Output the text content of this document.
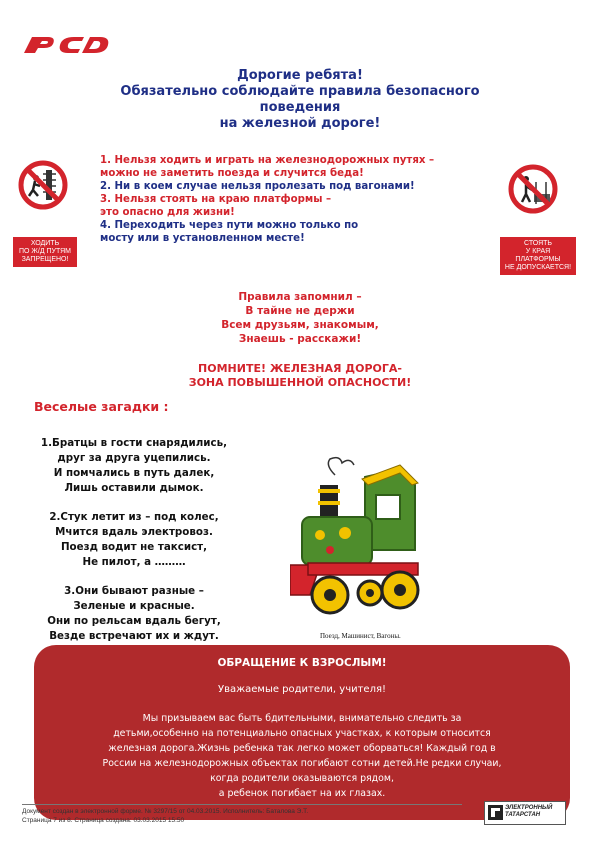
Дорогие ребята!
Обязательно соблюдайте правила безопасного
поведения
на железной дороге!
ХОДИТЬ
ПО Ж/Д ПУТЯМ
ЗАПРЕЩЕНО!
СТОЯТЬ
У КРАЯ
ПЛАТФОРМЫ
НЕ ДОПУСКАЕТСЯ!

1. Нельзя ходить и играть на железнодорожных путях –

можно не заметить поезда и случится беда!

2. Ни в коем случае нельзя пролезать под вагонами!

3. Нельзя стоять на краю платформы –

это опасно для жизни!

4. Переходить через пути можно только по

мосту или в установленном месте!

Правила запомнил –
В тайне не держи
Всем друзьям, знакомым,
Знаешь - расскажи!
ПОМНИТЕ! ЖЕЛЕЗНАЯ ДОРОГА-
ЗОНА ПОВЫШЕННОЙ ОПАСНОСТИ!
Веселые загадки :
1.Братцы в гости снарядились,
друг за друга уцепились.
И помчались в путь далек,
Лишь оставили дымок.
2.Стук летит из – под колес,
Мчится вдаль электровоз.
Поезд водит не таксист,
Не пилот, а ………
3.Они бывают разные –
Зеленые и красные.
Они по рельсам вдаль бегут,
Везде встречают их и ждут.	Поезд, Машинист, Вагоны.
ОБРАЩЕНИЕ К ВЗРОСЛЫМ!
Уважаемые родители, учителя!
Мы призываем вас быть бдительными, внимательно следить за
детьми,особенно на потенциально опасных участках, к которым относится
железная дорога.Жизнь ребенка так легко может оборваться! Каждый год в
России на железнодорожных объектах погибают сотни детей.Не редки случаи,
когда родители оказываются рядом,
а ребенок погибает на их глазах.
Документ создан в электронной форме. № 3297/15 от 04.03.2015. Исполнитель: Баталова Э.Т.
Страница 7 из 8. Страница создана: 03.03.2015 15:50
ЭЛЕКТРОННЫЙ
ТАТАРСТАН
